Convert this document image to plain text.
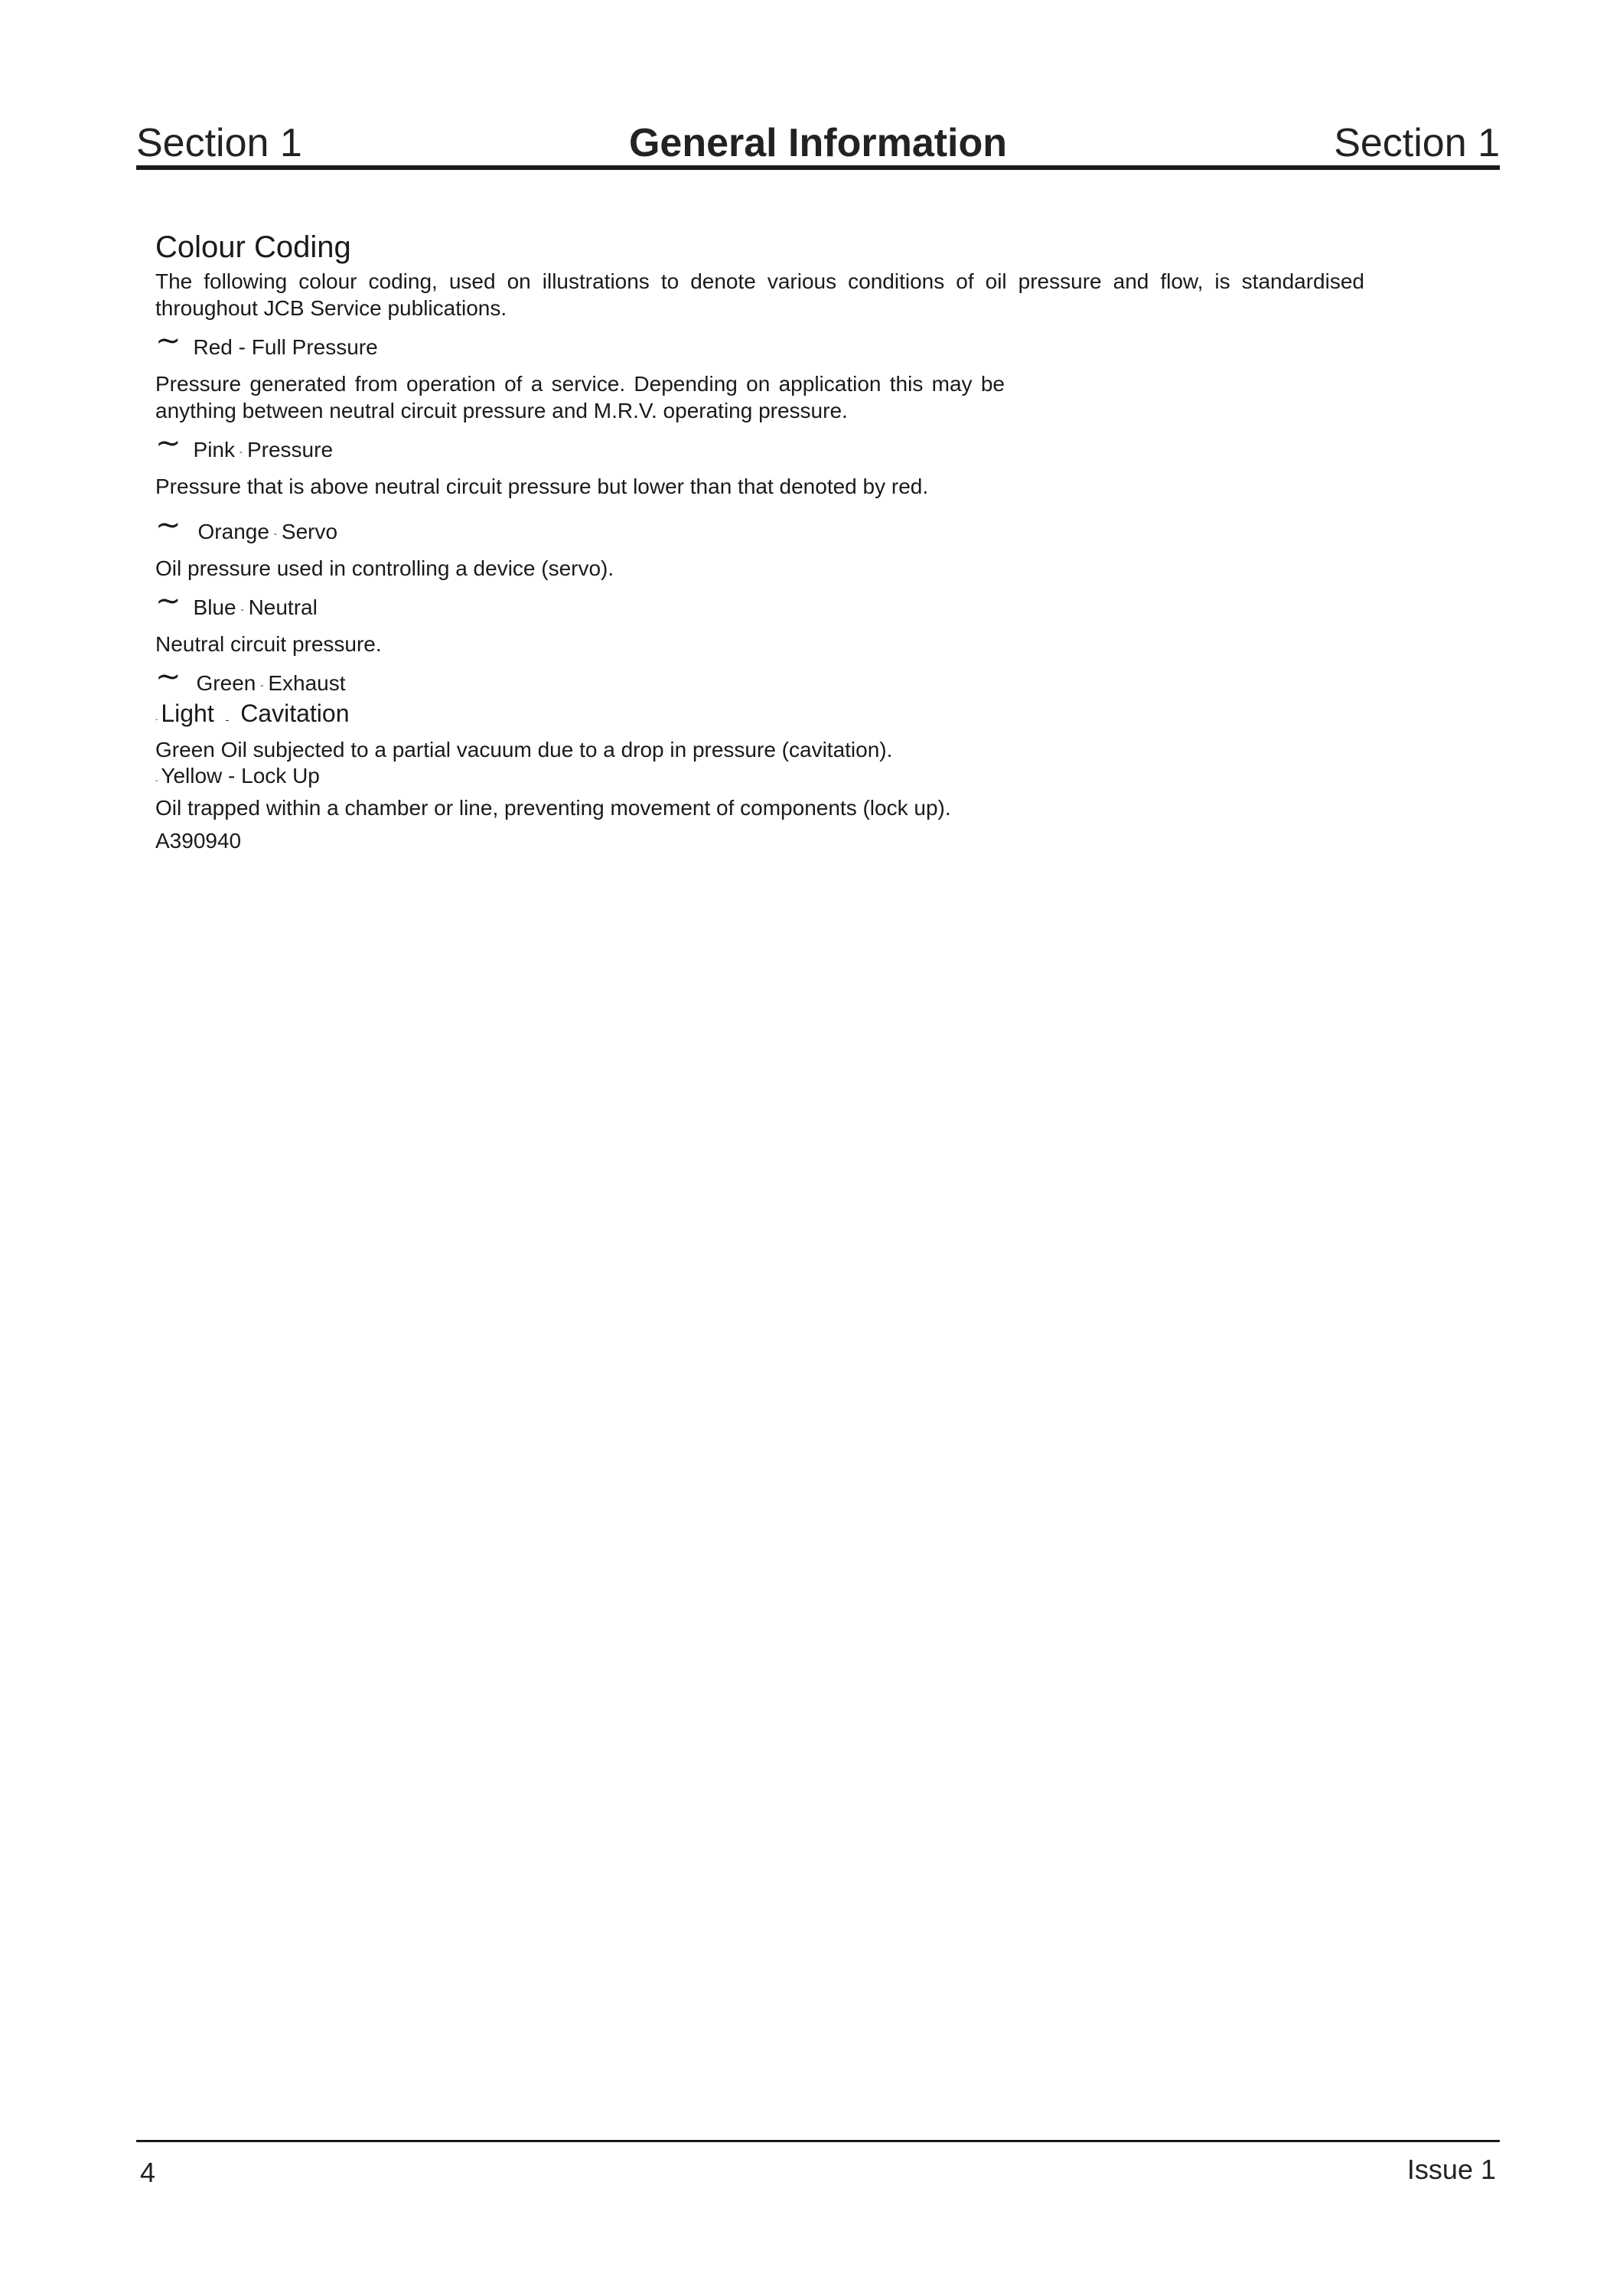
Section 1	General Information	Section 1

Colour Coding

The following colour coding, used on illustrations to denote various conditions of oil pressure and flow, is standardised throughout JCB Service publications.

~ Red - Full Pressure

Pressure generated from operation of a service. Depending on application this may be anything between neutral circuit pressure and M.R.V. operating pressure.

~ Pink - Pressure

Pressure that is above neutral circuit pressure but lower than that denoted by red.

~ Orange - Servo

Oil pressure used in controlling a device (servo).

~ Blue - Neutral

Neutral circuit pressure.

~ Green - Exhaust

- Light - Cavitation

Green Oil subjected to a partial vacuum due to a drop in pressure (cavitation).

- Yellow - Lock Up

Oil trapped within a chamber or line, preventing movement of components (lock up).

A390940

4	Issue 1
